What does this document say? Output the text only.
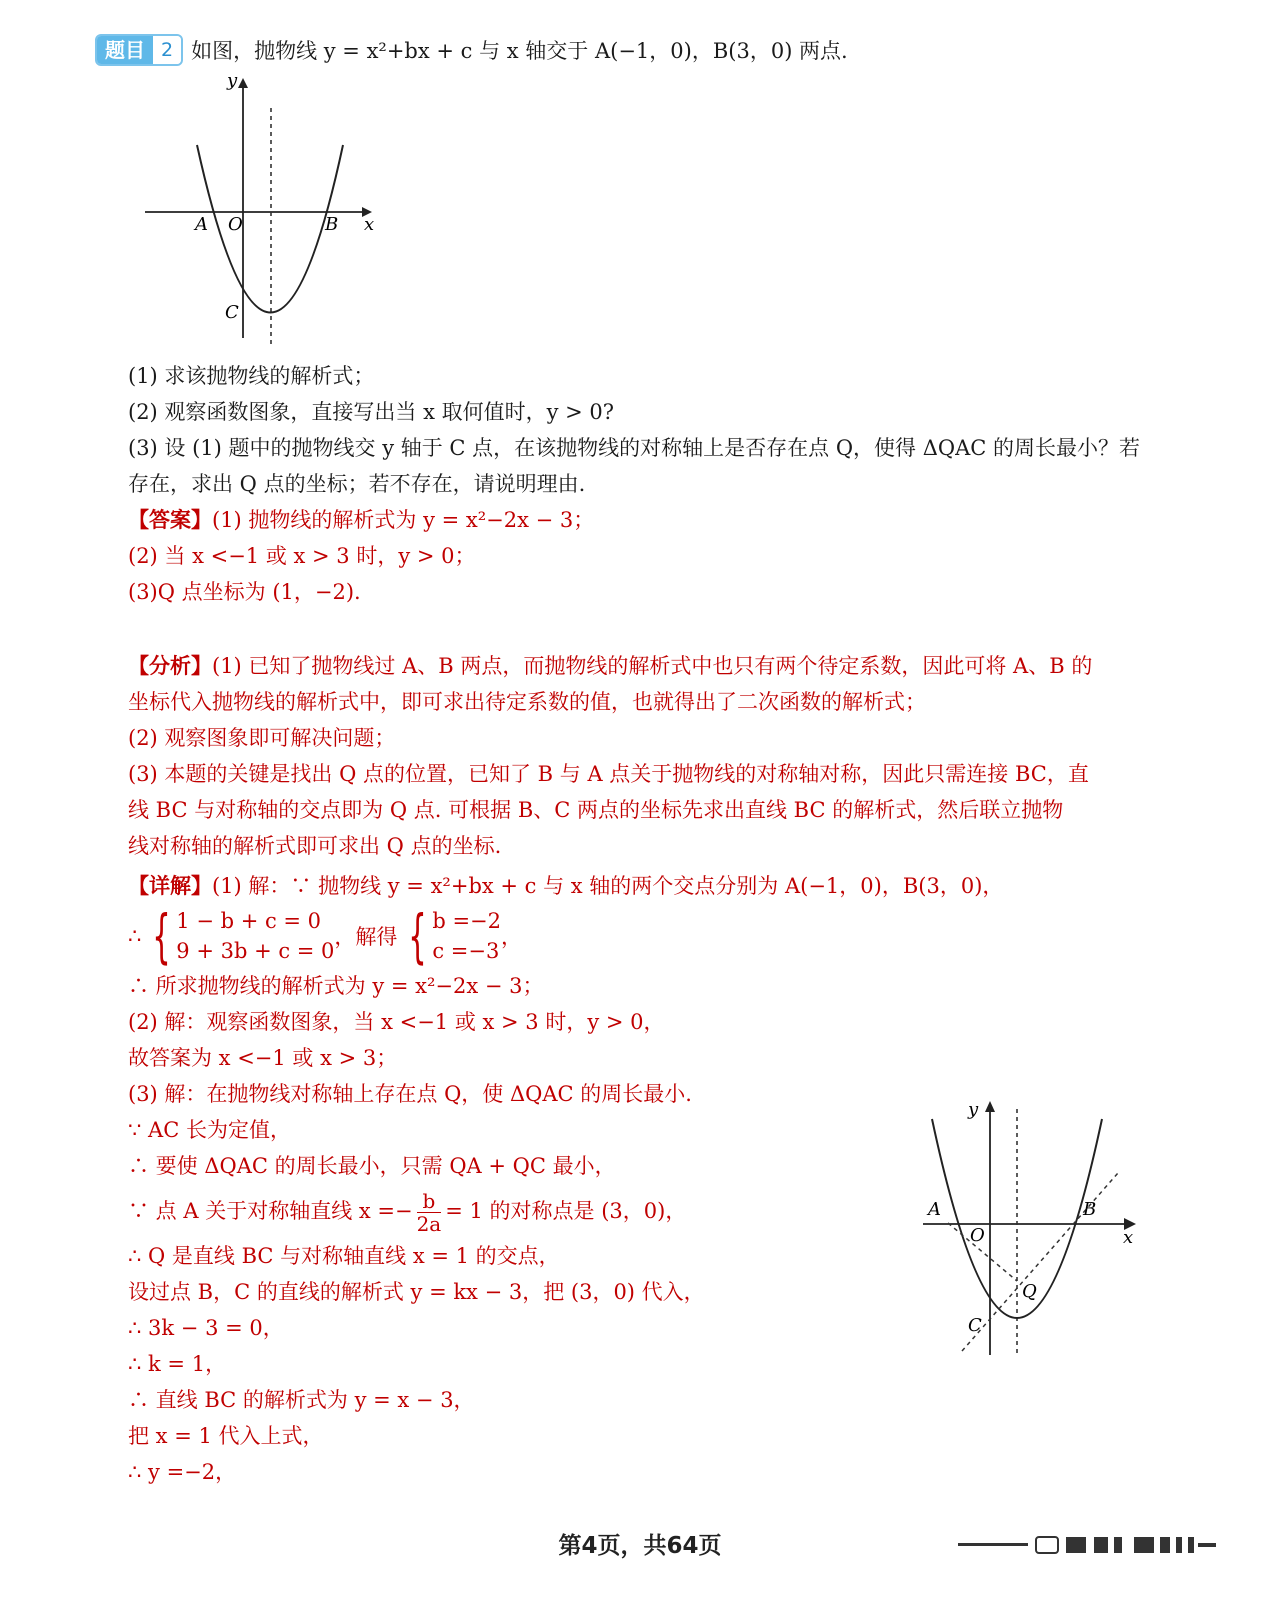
题目 2 如图，抛物线 y = x²+bx + c 与 x 轴交于 A(−1，0)，B(3，0) 两点.
y
x
A O	B
C
(1) 求该抛物线的解析式；
(2) 观察函数图象，直接写出当 x 取何值时，y > 0?
(3) 设 (1) 题中的抛物线交 y 轴于 C 点，在该抛物线的对称轴上是否存在点 Q，使得 ΔQAC 的周长最小？若
存在，求出 Q 点的坐标；若不存在，请说明理由.
【答案】(1) 抛物线的解析式为 y = x²−2x − 3；
(2) 当 x <−1 或 x > 3 时，y > 0；
(3)Q 点坐标为 (1，−2).
【分析】(1) 已知了抛物线过 A、B 两点，而抛物线的解析式中也只有两个待定系数，因此可将 A、B 的
坐标代入抛物线的解析式中，即可求出待定系数的值，也就得出了二次函数的解析式；
(2) 观察图象即可解决问题；
(3) 本题的关键是找出 Q 点的位置，已知了 B 与 A 点关于抛物线的对称轴对称，因此只需连接 BC，直
线 BC 与对称轴的交点即为 Q 点. 可根据 B、C 两点的坐标先求出直线 BC 的解析式，然后联立抛物
线对称轴的解析式即可求出 Q 点的坐标.
【详解】(1) 解：∵ 抛物线 y = x²+bx + c 与 x 轴的两个交点分别为 A(−1，0)，B(3，0)，
∴ { 1 − b + c = 0
9 + 3b + c = 0
，解得 { b =−2
c =−3
，
∴ 所求抛物线的解析式为 y = x²−2x − 3；
(2) 解：观察函数图象，当 x <−1 或 x > 3 时，y > 0，
故答案为 x <−1 或 x > 3；
(3) 解：在抛物线对称轴上存在点 Q，使 ΔQAC 的周长最小.
∵ AC 长为定值，
∴ 要使 ΔQAC 的周长最小，只需 QA + QC 最小，
∵ 点 A 关于对称轴直线 $x =- \frac{b}{2a} = 1$ 的对称点是 (3，0)，
∴ Q 是直线 BC 与对称轴直线 x = 1 的交点，
设过点 B，C 的直线的解析式 y = kx − 3，把 (3，0) 代入，
∴ 3k − 3 = 0，
∴ k = 1，
∴ 直线 BC 的解析式为 y = x − 3，
把 x = 1 代入上式，
∴ y =−2，
y
x
A
O
B
C
Q
第4页，共64页
